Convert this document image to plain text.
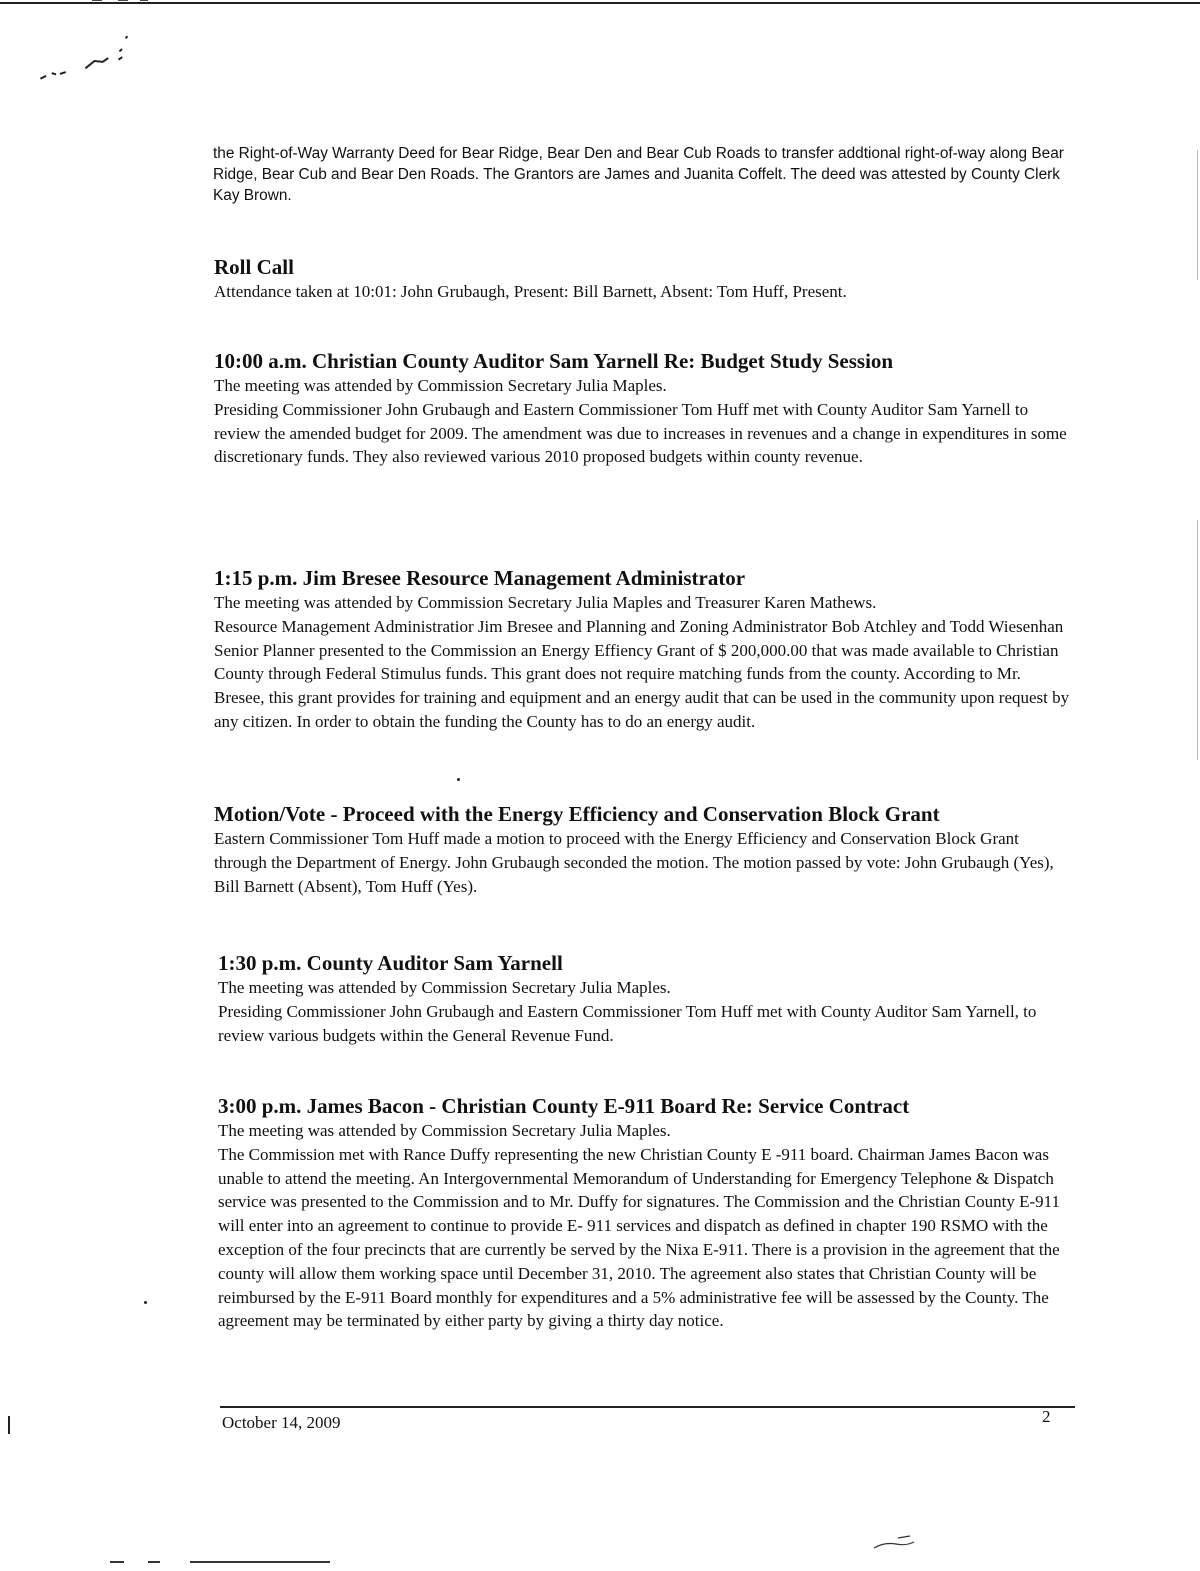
the Right-of-Way Warranty Deed for Bear Ridge, Bear Den and Bear Cub Roads to transfer addtional right-of-way along Bear Ridge, Bear Cub and Bear Den Roads. The Grantors are James and Juanita Coffelt. The deed was attested by County Clerk Kay Brown.
Roll Call

Attendance taken at 10:01: John Grubaugh, Present: Bill Barnett, Absent: Tom Huff, Present.

10:00 a.m. Christian County Auditor Sam Yarnell Re: Budget Study Session

The meeting was attended by Commission Secretary Julia Maples.

Presiding Commissioner John Grubaugh and Eastern Commissioner Tom Huff met with County Auditor Sam Yarnell to review the amended budget for 2009. The amendment was due to increases in revenues and a change in expenditures in some discretionary funds. They also reviewed various 2010 proposed budgets within county revenue.

1:15 p.m. Jim Bresee Resource Management Administrator

The meeting was attended by Commission Secretary Julia Maples and Treasurer Karen Mathews.

Resource Management Administratior Jim Bresee and Planning and Zoning Administrator Bob Atchley and Todd Wiesenhan Senior Planner presented to the Commission an Energy Effiency Grant of $ 200,000.00 that was made available to Christian County through Federal Stimulus funds. This grant does not require matching funds from the county. According to Mr. Bresee, this grant provides for training and equipment and an energy audit that can be used in the community upon request by any citizen. In order to obtain the funding the County has to do an energy audit.

Motion/Vote - Proceed with the Energy Efficiency and Conservation Block Grant

Eastern Commissioner Tom Huff made a motion to proceed with the Energy Efficiency and Conservation Block Grant through the Department of Energy. John Grubaugh seconded the motion. The motion passed by vote: John Grubaugh (Yes), Bill Barnett (Absent), Tom Huff (Yes).

1:30 p.m. County Auditor Sam Yarnell

The meeting was attended by Commission Secretary Julia Maples.

Presiding Commissioner John Grubaugh and Eastern Commissioner Tom Huff met with County Auditor Sam Yarnell, to review various budgets within the General Revenue Fund.

3:00 p.m. James Bacon - Christian County E-911 Board Re: Service Contract

The meeting was attended by Commission Secretary Julia Maples.

The Commission met with Rance Duffy representing the new Christian County E -911 board. Chairman James Bacon was unable to attend the meeting. An Intergovernmental Memorandum of Understanding for Emergency Telephone & Dispatch service was presented to the Commission and to Mr. Duffy for signatures. The Commission and the Christian County E-911 will enter into an agreement to continue to provide E- 911 services and dispatch as defined in chapter 190 RSMO with the exception of the four precincts that are currently be served by the Nixa E-911. There is a provision in the agreement that the county will allow them working space until December 31, 2010. The agreement also states that Christian County will be reimbursed by the E-911 Board monthly for expenditures and a 5% administrative fee will be assessed by the County. The agreement may be terminated by either party by giving a thirty day notice.

October 14, 2009	2
